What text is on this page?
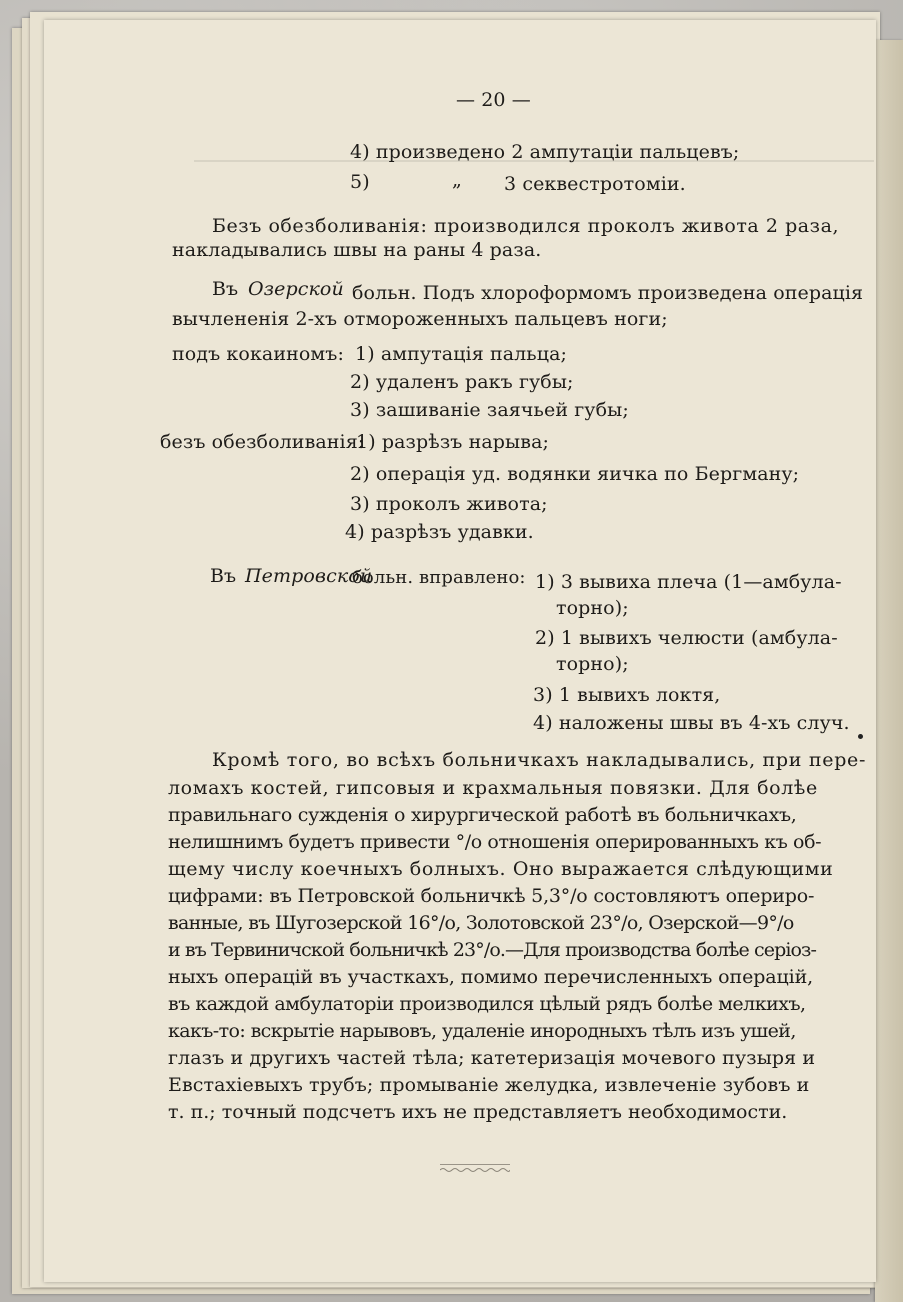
— 20 —

4) произведено 2 ампутаціи пальцевъ;

5)	„ 3 секвестротоміи.

Безъ обезболиванія: производился проколъ живота 2 раза,

накладывались швы на раны 4 раза.

Въ Озерской больн. Подъ хлороформомъ произведена операція

вычлененія 2-хъ отмороженныхъ пальцевъ ноги;

подъ кокаиномъ: 1) ампутація пальца;

2) удаленъ ракъ губы;

3) зашиваніе заячьей губы;

безъ обезболиванія:

1) разрѣзъ нарыва;

2) операція уд. водянки яичка по Бергману;

3) проколъ живота;

4) разрѣзъ удавки.

Въ Петровской

больн. вправлено: 1) 3 вывиха плеча (1—амбула-

торно);

2) 1 вывихъ челюсти (амбула-

торно);

3) 1 вывихъ локтя,

4) наложены швы въ 4-хъ случ.

Кромѣ того, во всѣхъ больничкахъ накладывались, при пере-

ломахъ костей, гипсовыя и крахмальныя повязки. Для болѣе

правильнаго сужденія о хирургической работѣ въ больничкахъ,

нелишнимъ будетъ привести °/о отношенія оперированныхъ къ об-

щему числу коечныхъ болныхъ. Оно выражается слѣдующими

цифрами: въ Петровской больничкѣ 5,3°/о состовляютъ опериро-

ванные, въ Шугозерской 16°/о, Золотовской 23°/о, Озерской—9°/о

и въ Тервиничской больничкѣ 23°/о.—Для производства болѣе серіоз-

ныхъ операцій въ участкахъ, помимо перечисленныхъ операцій,

въ каждой амбулаторіи производился цѣлый рядъ болѣе мелкихъ,

какъ-то: вскрытіе нарывовъ, удаленіе инородныхъ тѣлъ изъ ушей,

глазъ и другихъ частей тѣла; катетеризація мочевого пузыря и

Евстахіевыхъ трубъ; промываніе желудка, извлеченіе зубовъ и

т. п.; точный подсчетъ ихъ не представляетъ необходимости.
